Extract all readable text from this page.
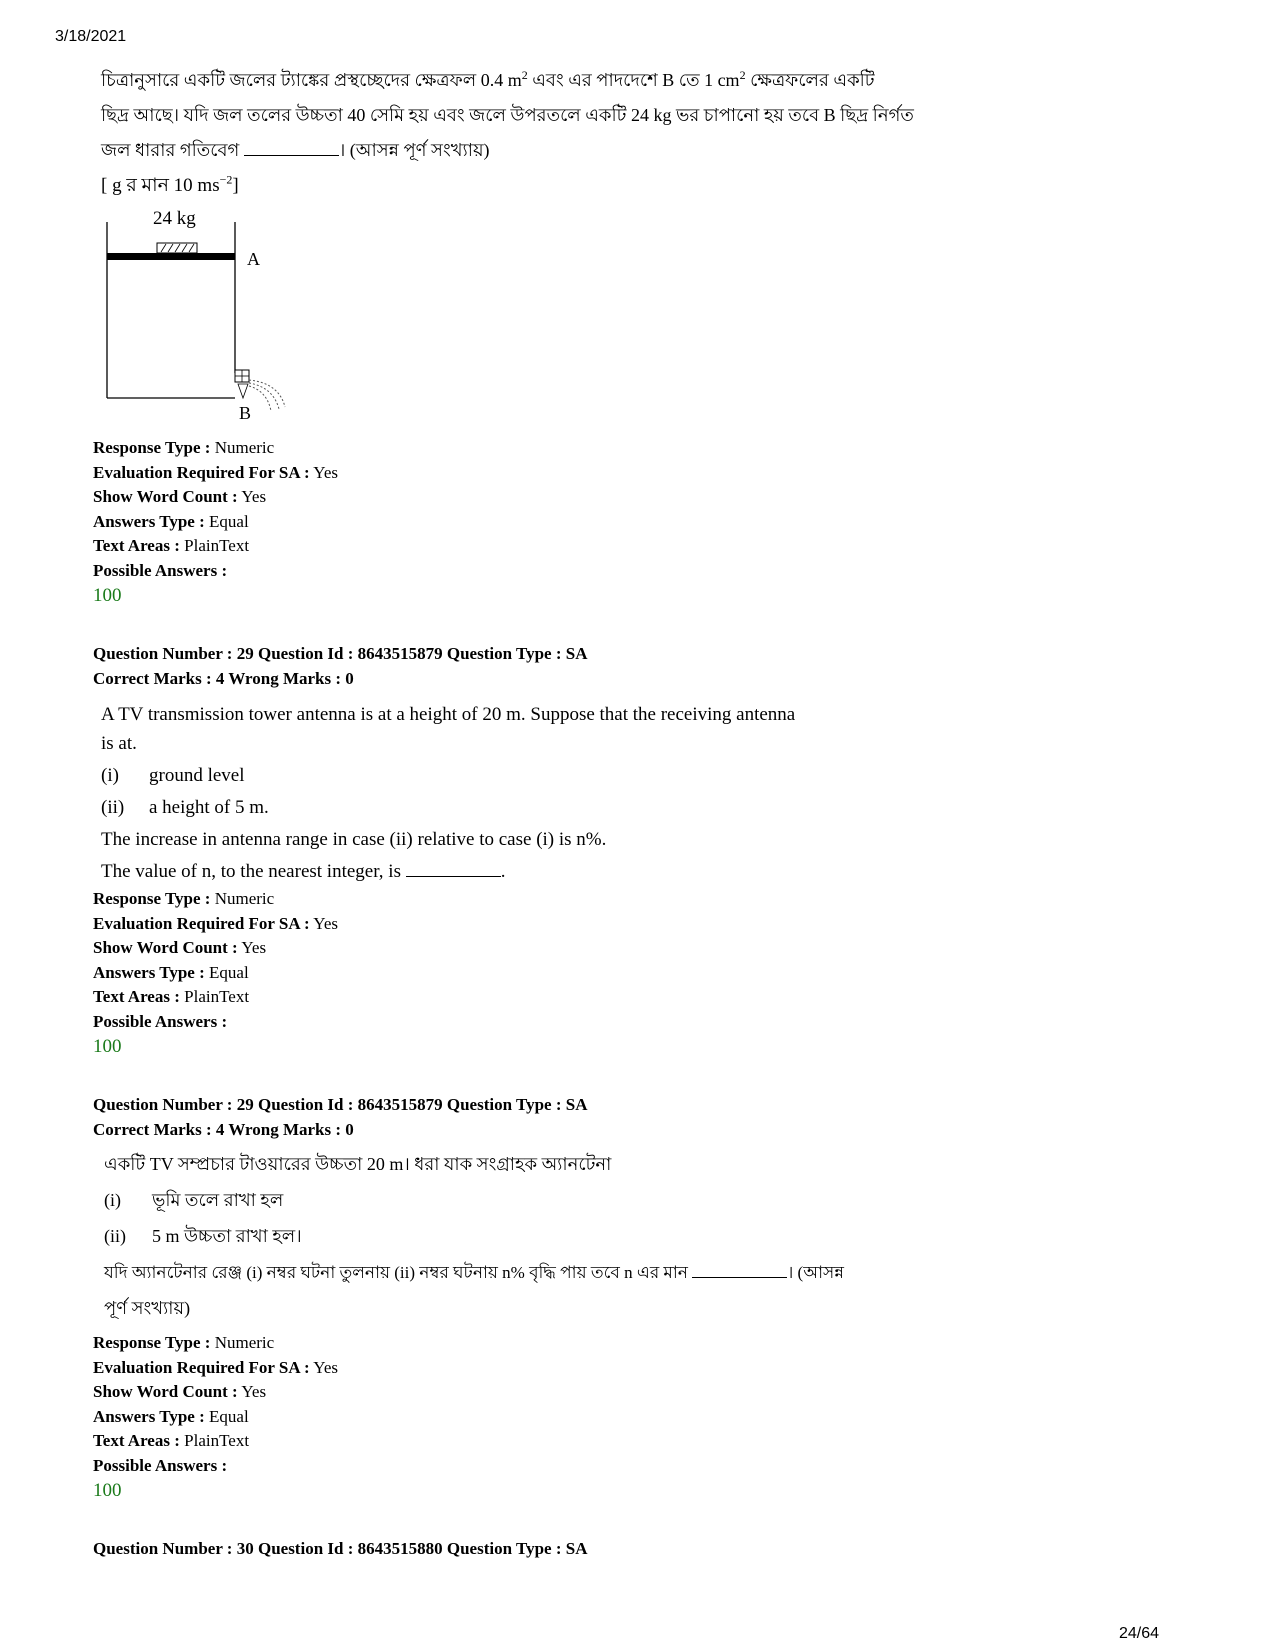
3/18/2021
চিত্রানুসারে একটি জলের ট্যাঙ্কের প্রস্থচ্ছেদের ক্ষেত্রফল 0.4 $m^2$ এবং এর পাদদেশে B তে 1 $cm^2$ ক্ষেত্রফলের একটি
ছিদ্র আছে। যদি জল তলের উচ্চতা 40 সেমি হয় এবং জলে উপরতলে একটি 24 kg ভর চাপানো হয় তবে B ছিদ্র নির্গত
জল ধারার গতিবেগ	। (আসন্ন পূর্ণ সংখ্যায়)
[ g র মান 10 $ms^{-2}$]
24 kg
A
B
Response Type : Numeric
Evaluation Required For SA : Yes
Show Word Count : Yes
Answers Type : Equal
Text Areas : PlainText
Possible Answers :
100
Question Number : 29 Question Id : 8643515879 Question Type : SA
Correct Marks : 4 Wrong Marks : 0
A TV transmission tower antenna is at a height of 20 m. Suppose that the receiving antenna
is at.
(i)	ground level
(ii)	a height of 5 m.
The increase in antenna range in case (ii) relative to case (i) is n%.
The value of n, to the nearest integer, is	.
Response Type : Numeric
Evaluation Required For SA : Yes
Show Word Count : Yes
Answers Type : Equal
Text Areas : PlainText
Possible Answers :
100
Question Number : 29 Question Id : 8643515879 Question Type : SA
Correct Marks : 4 Wrong Marks : 0
একটি TV সম্প্রচার টাওয়ারের উচ্চতা 20 m। ধরা যাক সংগ্রাহক অ্যানটেনা
(i)	ভূমি তলে রাখা হল
(ii)	5 m উচ্চতা রাখা হল।
যদি অ্যানটেনার রেঞ্জ (i) নম্বর ঘটনা তুলনায় (ii) নম্বর ঘটনায় n% বৃদ্ধি পায় তবে n এর মান	। (আসন্ন
পূর্ণ সংখ্যায়)
Response Type : Numeric
Evaluation Required For SA : Yes
Show Word Count : Yes
Answers Type : Equal
Text Areas : PlainText
Possible Answers :
100
Question Number : 30 Question Id : 8643515880 Question Type : SA
24/64
